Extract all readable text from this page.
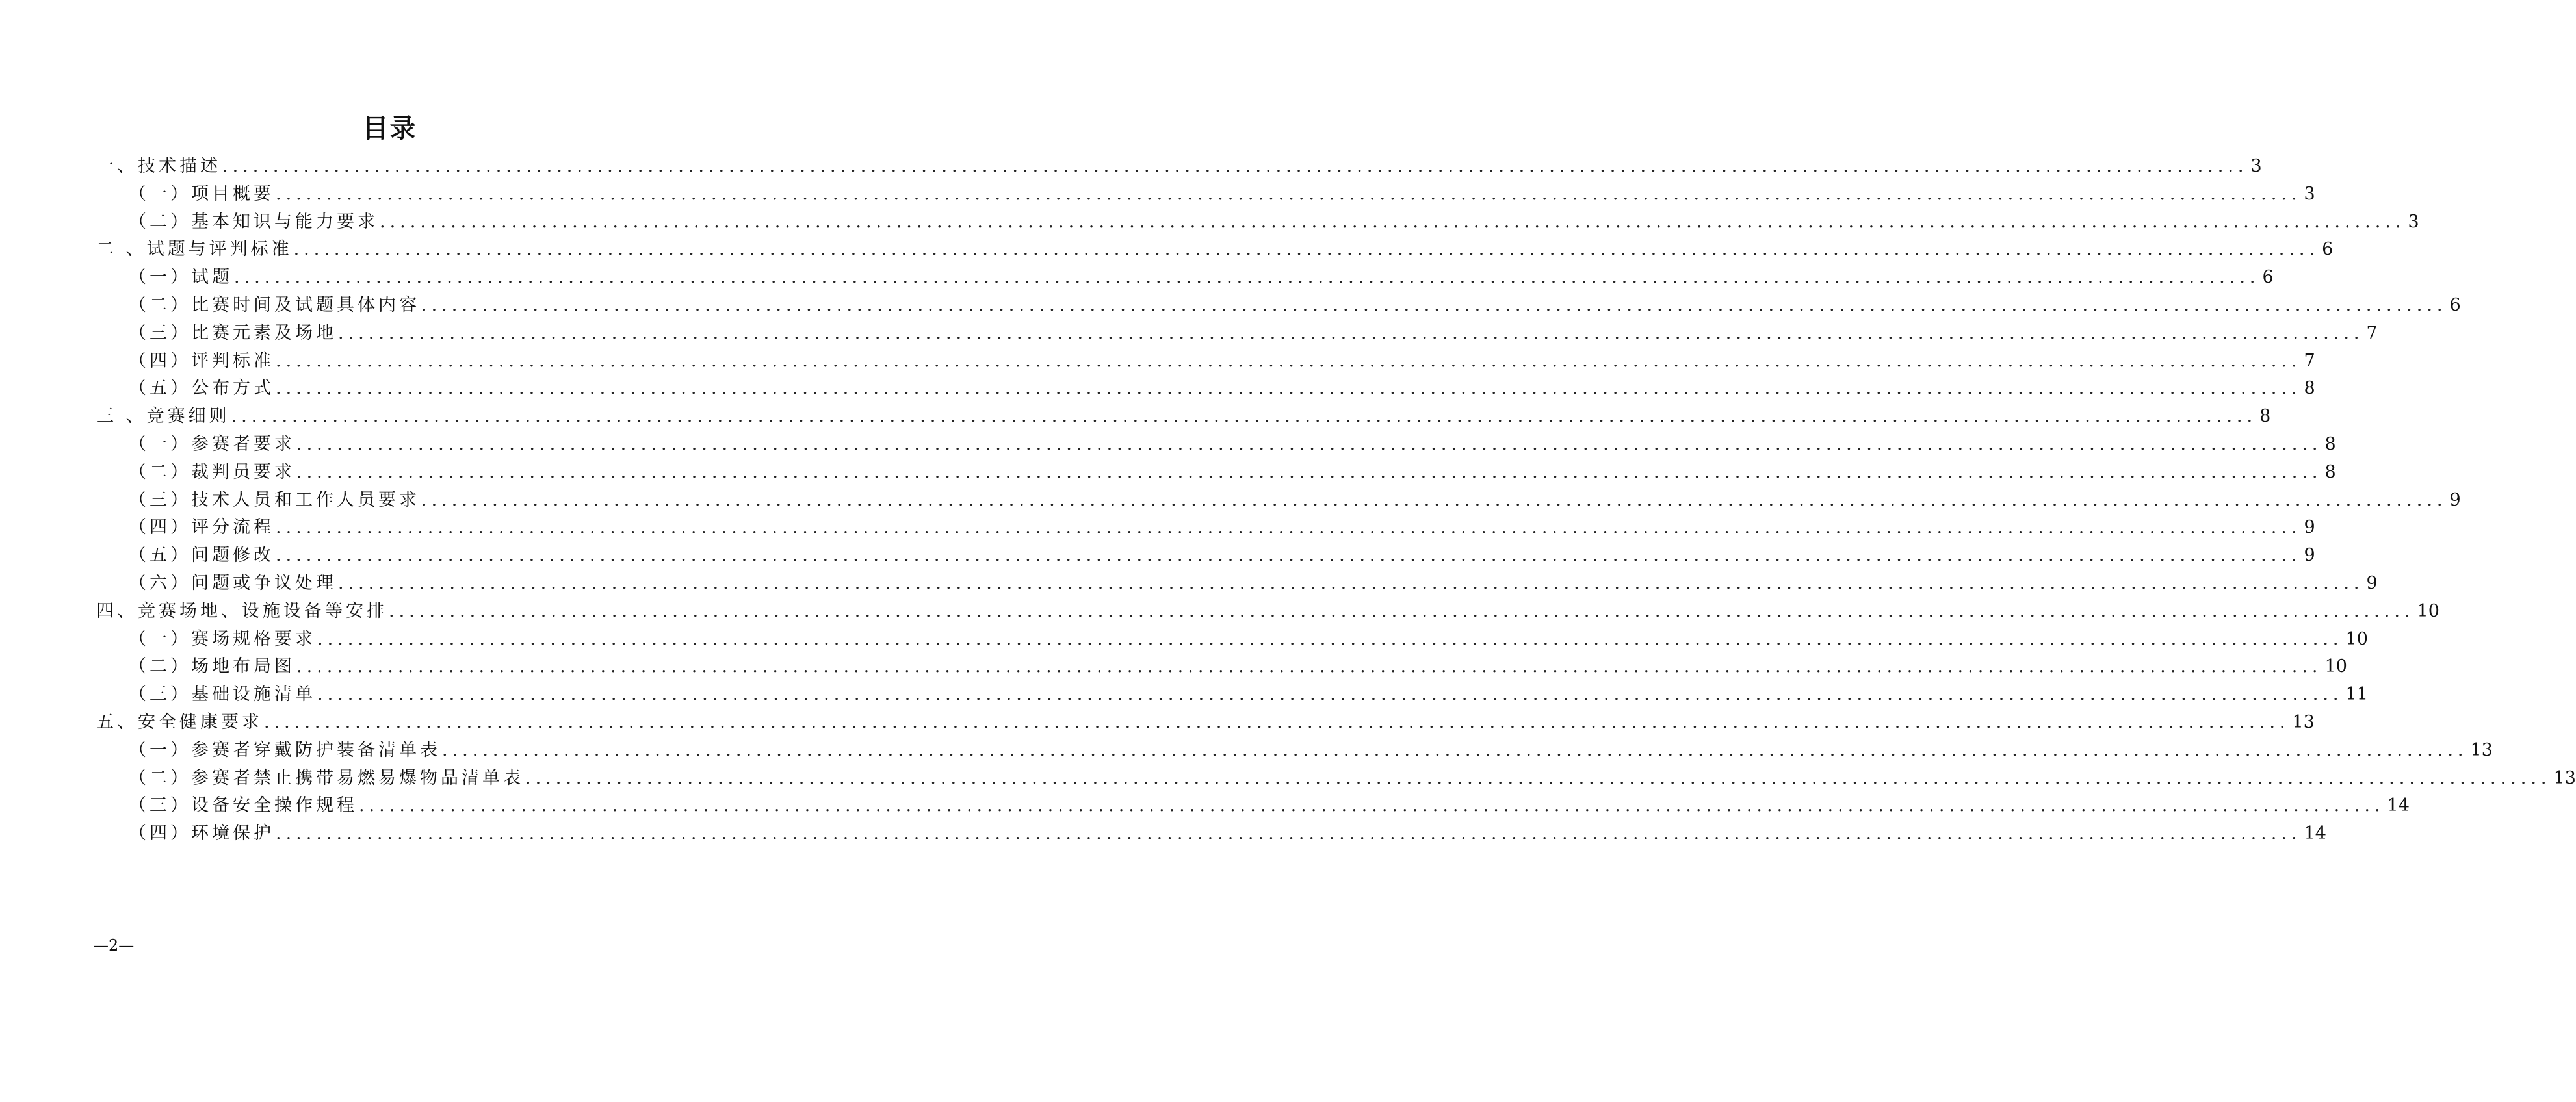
目录
一、技术描述 ........................................................................................................................................................................................................ 3
（一）项目概要 ........................................................................................................................................................................................................ 3
（二）基本知识与能力要求 ........................................................................................................................................................................................................ 3
二 、试题与评判标准 ........................................................................................................................................................................................................ 6
（一）试题 ........................................................................................................................................................................................................ 6
（二）比赛时间及试题具体内容 ........................................................................................................................................................................................................ 6
（三）比赛元素及场地 ........................................................................................................................................................................................................ 7
（四）评判标准 ........................................................................................................................................................................................................ 7
（五）公布方式 ........................................................................................................................................................................................................ 8
三 、竞赛细则 ........................................................................................................................................................................................................ 8
（一）参赛者要求 ........................................................................................................................................................................................................ 8
（二）裁判员要求 ........................................................................................................................................................................................................ 8
（三）技术人员和工作人员要求 ........................................................................................................................................................................................................ 9
（四）评分流程 ........................................................................................................................................................................................................ 9
（五）问题修改 ........................................................................................................................................................................................................ 9
（六）问题或争议处理 ........................................................................................................................................................................................................ 9
四、竞赛场地、设施设备等安排 ........................................................................................................................................................................................................ 10
（一）赛场规格要求 ........................................................................................................................................................................................................ 10
（二）场地布局图 ........................................................................................................................................................................................................ 10
（三）基础设施清单 ........................................................................................................................................................................................................ 11
五、安全健康要求 ........................................................................................................................................................................................................ 13
（一）参赛者穿戴防护装备清单表 ........................................................................................................................................................................................................ 13
（二）参赛者禁止携带易燃易爆物品清单表 ........................................................................................................................................................................................................ 13
（三）设备安全操作规程 ........................................................................................................................................................................................................ 14
（四）环境保护 ........................................................................................................................................................................................................ 14
—2—
